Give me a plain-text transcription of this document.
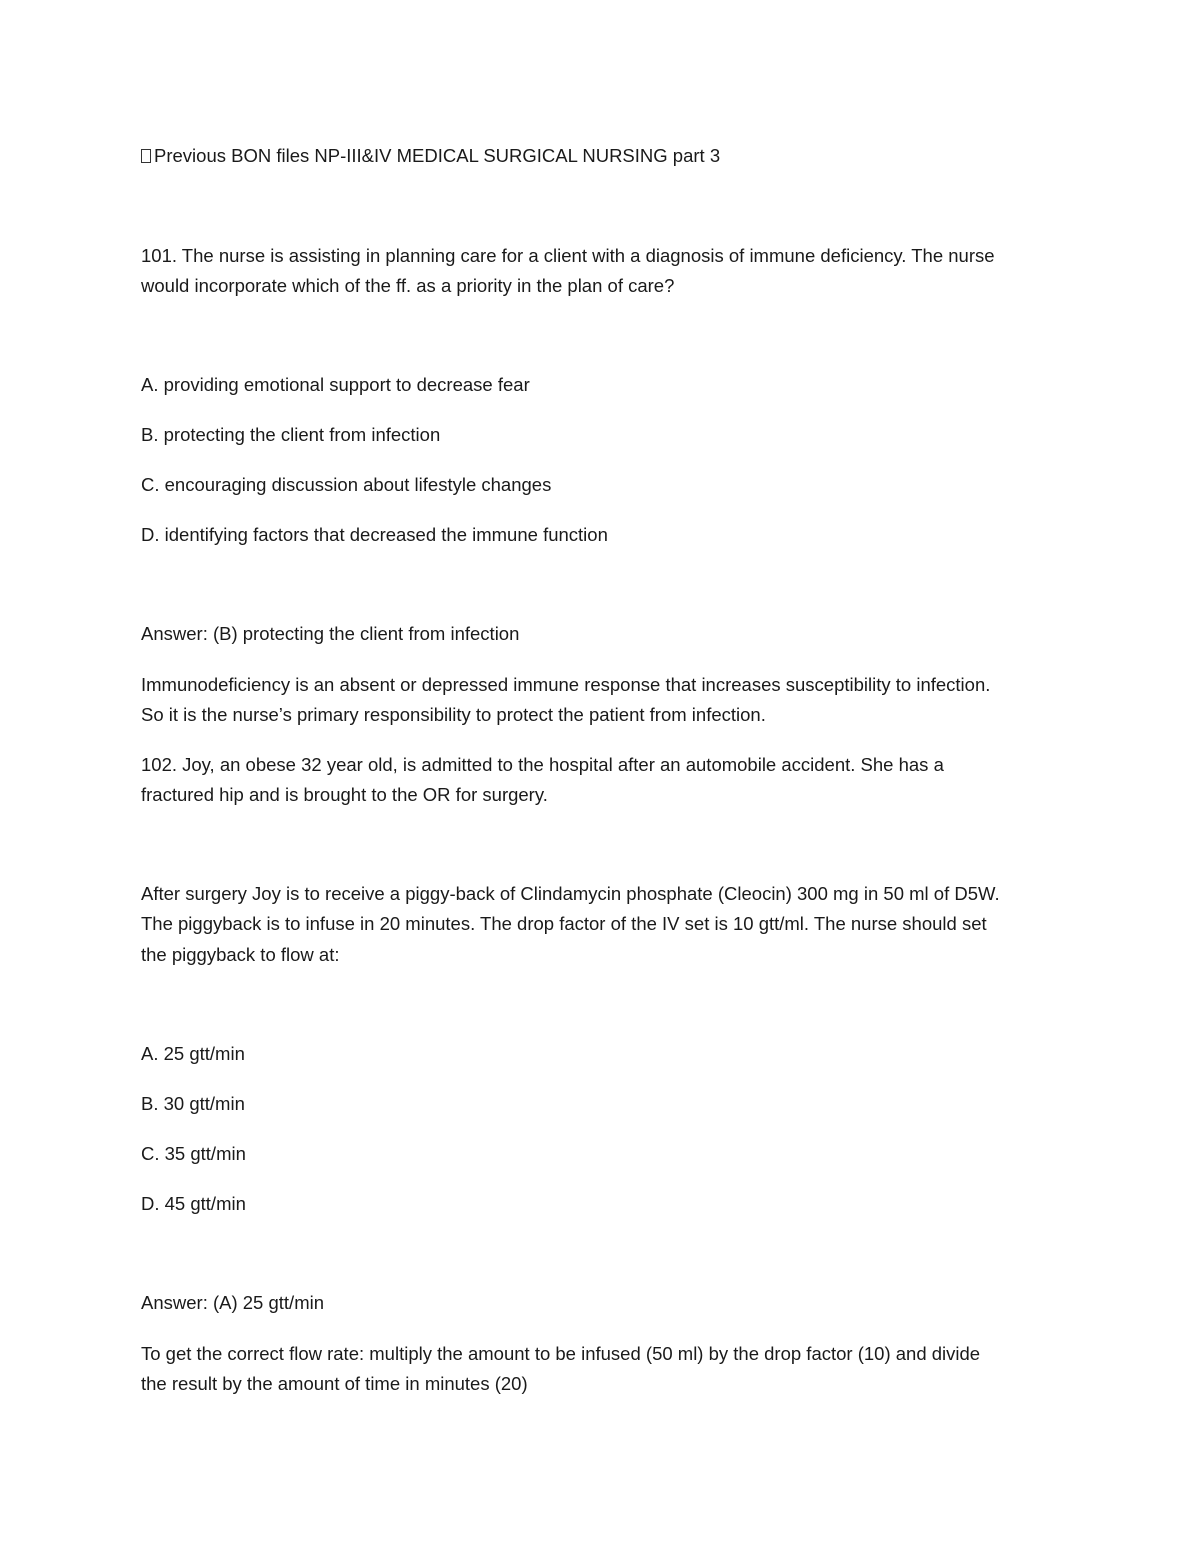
Previous BON files NP-III&IV MEDICAL SURGICAL NURSING part 3
101. The nurse is assisting in planning care for a client with a diagnosis of immune deficiency. The nurse
would incorporate which of the ff. as a priority in the plan of care?
A. providing emotional support to decrease fear
B. protecting the client from infection
C. encouraging discussion about lifestyle changes
D. identifying factors that decreased the immune function
Answer: (B) protecting the client from infection
Immunodeficiency is an absent or depressed immune response that increases susceptibility to infection.
So it is the nurse’s primary responsibility to protect the patient from infection.
102. Joy, an obese 32 year old, is admitted to the hospital after an automobile accident. She has a
fractured hip and is brought to the OR for surgery.
After surgery Joy is to receive a piggy-back of Clindamycin phosphate (Cleocin) 300 mg in 50 ml of D5W.
The piggyback is to infuse in 20 minutes. The drop factor of the IV set is 10 gtt/ml. The nurse should set
the piggyback to flow at:
A. 25 gtt/min
B. 30 gtt/min
C. 35 gtt/min
D. 45 gtt/min
Answer: (A) 25 gtt/min
To get the correct flow rate: multiply the amount to be infused (50 ml) by the drop factor (10) and divide
the result by the amount of time in minutes (20)
